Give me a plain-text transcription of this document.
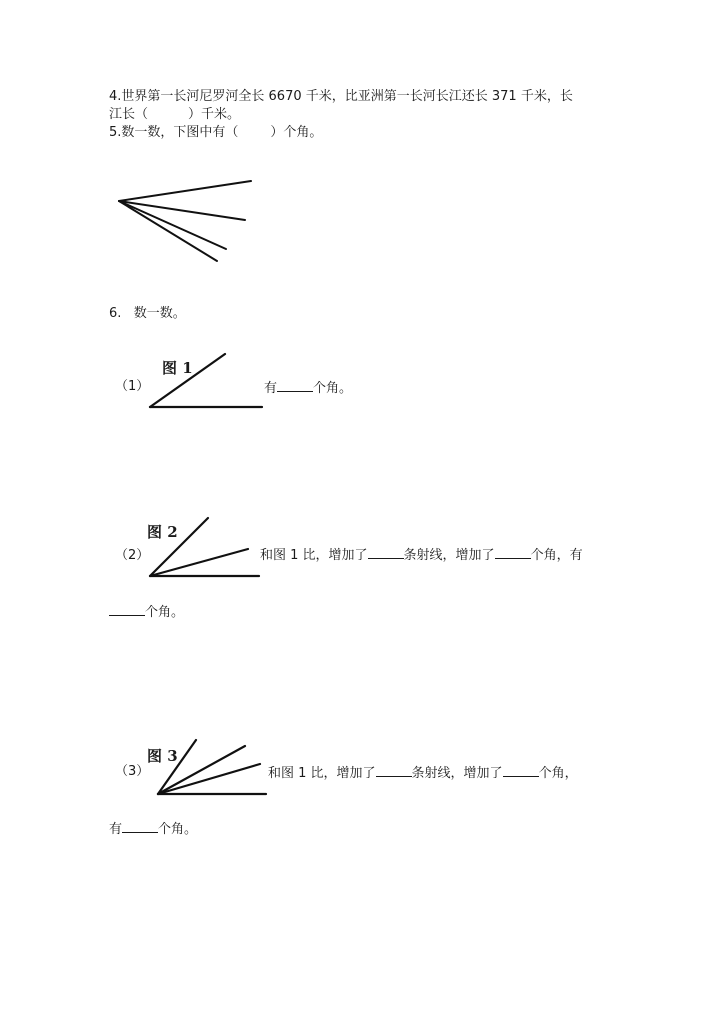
4.世界第一长河尼罗河全长 6670 千米，比亚洲第一长河长江还长 371 千米，长
江长（	）千米。
5.数一数，下图中有（ ）个角。
6.   数一数。
（1）
图 1
有	个角。
（2）
图 2
和图 1 比，增加了	条射线，增加了	个角，有
个角。
（3）
图 3
和图 1 比，增加了	条射线，增加了	个角，
有	个角。
